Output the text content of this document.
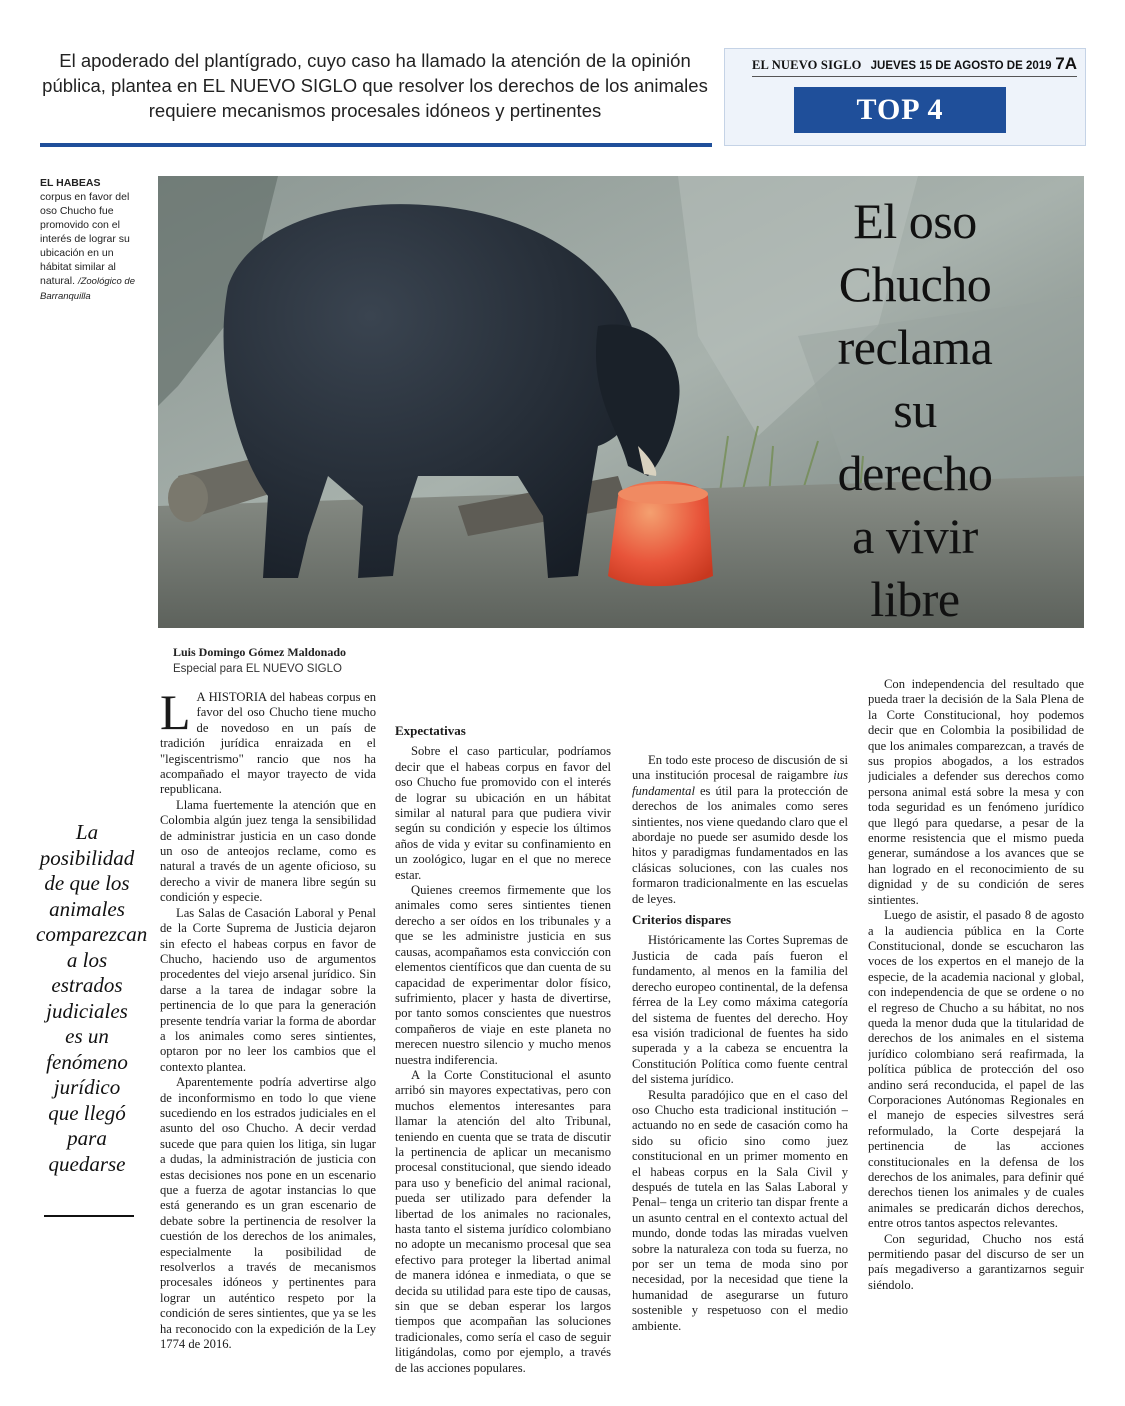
El apoderado del plantígrado, cuyo caso ha llamado la atención de la opinión pública, plantea en EL NUEVO SIGLO que resolver los derechos de los animales requiere mecanismos procesales idóneos y pertinentes
EL NUEVO SIGLO JUEVES 15 DE AGOSTO DE 2019 7A
TOP 4
EL HABEAS
corpus en favor del oso Chucho fue promovido con el interés de lograr su ubicación en un hábitat similar al natural. /Zoológico de Barranquilla
El oso
Chucho
reclama
su
derecho
a vivir
libre
Luis Domingo Gómez Maldonado
Especial para EL NUEVO SIGLO
La posibilidad de que los animales comparezcan a los estrados judiciales es un fenómeno jurídico que llegó para quedarse

L A HISTORIA del habeas corpus en favor del oso Chucho tiene mucho de novedoso en un país de tradición jurídica enraizada en el "legiscentrismo" rancio que nos ha acompañado el mayor trayecto de vida republicana.

Llama fuertemente la atención que en Colombia algún juez tenga la sensibilidad de administrar justicia en un caso donde un oso de anteojos reclame, como es natural a través de un agente oficioso, su derecho a vivir de manera libre según su condición y especie.

Las Salas de Casación Laboral y Penal de la Corte Suprema de Justicia dejaron sin efecto el habeas corpus en favor de Chucho, haciendo uso de argumentos procedentes del viejo arsenal jurídico. Sin darse a la tarea de indagar sobre la pertinencia de lo que para la generación presente tendría variar la forma de abordar a los animales como seres sintientes, optaron por no leer los cambios que el contexto plantea.

Aparentemente podría advertirse algo de inconformismo en todo lo que viene sucediendo en los estrados judiciales en el asunto del oso Chucho. A decir verdad sucede que para quien los litiga, sin lugar a dudas, la administración de justicia con estas decisiones nos pone en un escenario que a fuerza de agotar instancias lo que está generando es un gran escenario de debate sobre la pertinencia de resolver la cuestión de los derechos de los animales, especialmente la posibilidad de resolverlos a través de mecanismos procesales idóneos y pertinentes para lograr un auténtico respeto por la condición de seres sintientes, que ya se les ha reconocido con la expedición de la Ley 1774 de 2016.

Expectativas

Sobre el caso particular, podríamos decir que el habeas corpus en favor del oso Chucho fue promovido con el interés de lograr su ubicación en un hábitat similar al natural para que pudiera vivir según su condición y especie los últimos años de vida y evitar su confinamiento en un zoológico, lugar en el que no merece estar.

Quienes creemos firmemente que los animales como seres sintientes tienen derecho a ser oídos en los tribunales y a que se les administre justicia en sus causas, acompañamos esta convicción con elementos científicos que dan cuenta de su capacidad de experimentar dolor físico, sufrimiento, placer y hasta de divertirse, por tanto somos conscientes que nuestros compañeros de viaje en este planeta no merecen nuestro silencio y mucho menos nuestra indiferencia.

A la Corte Constitucional el asunto arribó sin mayores expectativas, pero con muchos elementos interesantes para llamar la atención del alto Tribunal, teniendo en cuenta que se trata de discutir la pertinencia de aplicar un mecanismo procesal constitucional, que siendo ideado para uso y beneficio del animal racional, pueda ser utilizado para defender la libertad de los animales no racionales, hasta tanto el sistema jurídico colombiano no adopte un mecanismo procesal que sea efectivo para proteger la libertad animal de manera idónea e inmediata, o que se decida su utilidad para este tipo de causas, sin que se deban esperar los largos tiempos que acompañan las soluciones tradicionales, como sería el caso de seguir litigándolas, como por ejemplo, a través de las acciones populares.

En todo este proceso de discusión de si una institución procesal de raigambre ius fundamental es útil para la protección de derechos de los animales como seres sintientes, nos viene quedando claro que el abordaje no puede ser asumido desde los hitos y paradigmas fundamentados en las clásicas soluciones, con las cuales nos formaron tradicionalmente en las escuelas de leyes.

Criterios dispares

Históricamente las Cortes Supremas de Justicia de cada país fueron el fundamento, al menos en la familia del derecho europeo continental, de la defensa férrea de la Ley como máxima categoría del sistema de fuentes del derecho. Hoy esa visión tradicional de fuentes ha sido superada y a la cabeza se encuentra la Constitución Política como fuente central del sistema jurídico.

Resulta paradójico que en el caso del oso Chucho esta tradicional institución –actuando no en sede de casación como ha sido su oficio sino como juez constitucional en un primer momento en el habeas corpus en la Sala Civil y después de tutela en las Salas Laboral y Penal– tenga un criterio tan dispar frente a un asunto central en el contexto actual del mundo, donde todas las miradas vuelven sobre la naturaleza con toda su fuerza, no por ser un tema de moda sino por necesidad, por la necesidad que tiene la humanidad de asegurarse un futuro sostenible y respetuoso con el medio ambiente.

Con independencia del resultado que pueda traer la decisión de la Sala Plena de la Corte Constitucional, hoy podemos decir que en Colombia la posibilidad de que los animales comparezcan, a través de sus propios abogados, a los estrados judiciales a defender sus derechos como persona animal está sobre la mesa y con toda seguridad es un fenómeno jurídico que llegó para quedarse, a pesar de la enorme resistencia que el mismo pueda generar, sumándose a los avances que se han logrado en el reconocimiento de su dignidad y de su condición de seres sintientes.

Luego de asistir, el pasado 8 de agosto a la audiencia pública en la Corte Constitucional, donde se escucharon las voces de los expertos en el manejo de la especie, de la academia nacional y global, con independencia de que se ordene o no el regreso de Chucho a su hábitat, no nos queda la menor duda que la titularidad de derechos de los animales en el sistema jurídico colombiano será reafirmada, la política pública de protección del oso andino será reconducida, el papel de las Corporaciones Autónomas Regionales en el manejo de especies silvestres será reformulado, la Corte despejará la pertinencia de las acciones constitucionales en la defensa de los derechos de los animales, para definir qué derechos tienen los animales y de cuales animales se predicarán dichos derechos, entre otros tantos aspectos relevantes.

Con seguridad, Chucho nos está permitiendo pasar del discurso de ser un país megadiverso a garantizarnos seguir siéndolo.
